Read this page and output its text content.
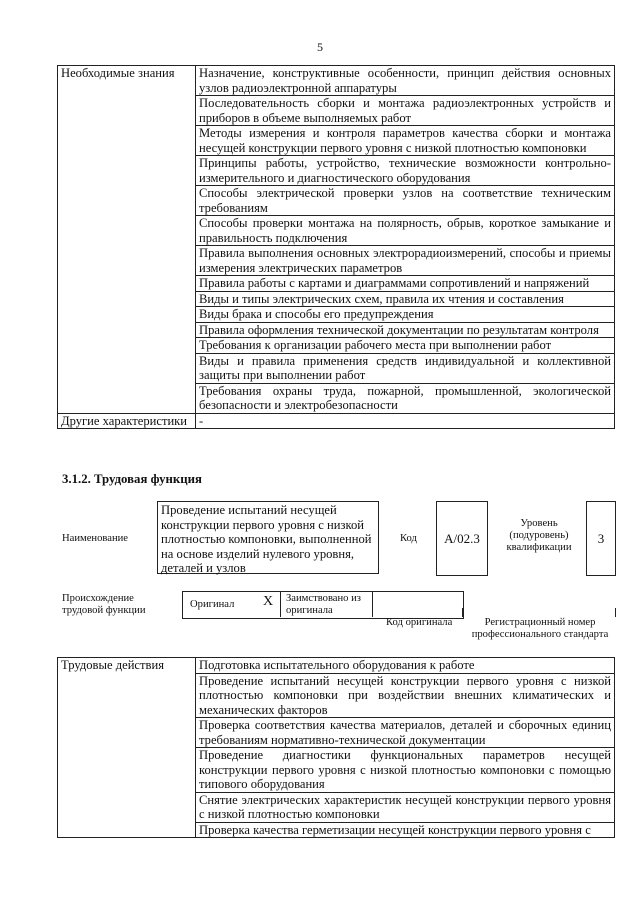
5
Необходимые знания	Назначение, конструктивные особенности, принцип действия основных узлов радиоэлектронной аппаратуры
	Последовательность сборки и монтажа радиоэлектронных устройств и приборов в объеме выполняемых работ
	Методы измерения и контроля параметров качества сборки и монтажа несущей конструкции первого уровня с низкой плотностью компоновки
	Принципы работы, устройство, технические возможности контрольно-измерительного и диагностического оборудования
	Способы электрической проверки узлов на соответствие техническим требованиям
	Способы проверки монтажа на полярность, обрыв, короткое замыкание и правильность подключения
	Правила выполнения основных электрорадиоизмерений, способы и приемы измерения электрических параметров
	Правила работы с картами и диаграммами сопротивлений и напряжений
	Виды и типы электрических схем, правила их чтения и составления
	Виды брака и способы его предупреждения
	Правила оформления технической документации по результатам контроля
	Требования к организации рабочего места при выполнении работ
	Виды и правила применения средств индивидуальной и коллективной защиты при выполнении работ
	Требования охраны труда, пожарной, промышленной, экологической безопасности и электробезопасности
Другие характеристики	-
3.1.2. Трудовая функция
Наименование
Проведение испытаний несущей конструкции первого уровня с низкой плотностью компоновки, выполненной на основе изделий нулевого уровня, деталей и узлов
Код	А/02.3
Уровень (подуровень) квалификации
3
Происхождение трудовой функции
Оригинал X Заимствовано из оригинала
Код оригинала	Регистрационный номер профессионального стандарта
Трудовые действия	Подготовка испытательного оборудования к работе
Проведение испытаний несущей конструкции первого уровня с низкой плотностью компоновки при воздействии внешних климатических и механических факторов
Проверка соответствия качества материалов, деталей и сборочных единиц требованиям нормативно-технической документации
Проведение диагностики функциональных параметров несущей конструкции первого уровня с низкой плотностью компоновки с помощью типового оборудования
Снятие электрических характеристик несущей конструкции первого уровня с низкой плотностью компоновки
Проверка качества герметизации несущей конструкции первого уровня с
